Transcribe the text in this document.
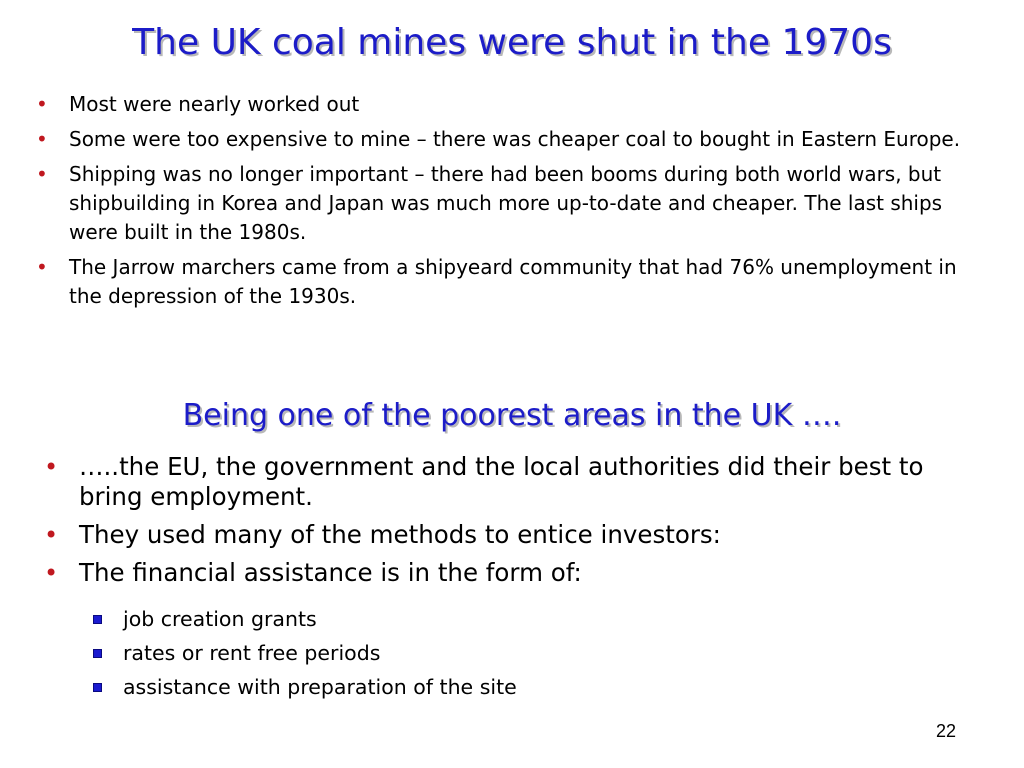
The UK coal mines were shut in the 1970s
• Most were nearly worked out
• Some were too expensive to mine – there was cheaper coal to bought in Eastern Europe.
• Shipping was no longer important – there had been booms during both world wars, but shipbuilding in Korea and Japan was much more up-to-date and cheaper. The last ships were built in the 1980s.
• The Jarrow marchers came from a shipyeard community that had 76% unemployment in the depression of the 1930s.
Being one of the poorest areas in the UK ….
• …..the EU, the government and the local authorities did their best to bring employment.
• They used many of the methods to entice investors:
• The financial assistance is in the form of:
job creation grants
rates or rent free periods
assistance with preparation of the site
22
